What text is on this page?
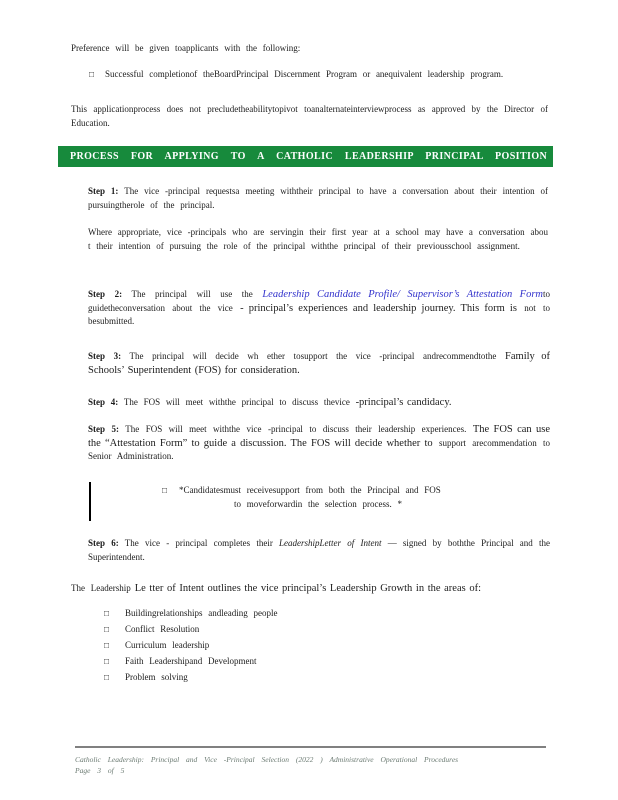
Preference will be given toapplicants with the following:

□	Successful completionof theBoardPrincipal Discernment Program or anequivalent leadership program.

This applicationprocess does not precludetheabilitytopivot toanalternateinterviewprocess as approved by the Director of Education.

PROCESS FOR APPLYING TO A CATHOLIC LEADERSHIP PRINCIPAL POSITION

Step 1: The vice -principal requestsa meeting withtheir principal to have a conversation about their intention of pursuingtherole of the principal.

Where appropriate, vice -principals who are servingin their first year at a school may have a conversation abou t their intention of pursuing the role of the principal withthe principal of their previousschool assignment.

Step 2: The principal will use the Leadership Candidate Profile/ Supervisor’s Attestation Formto guidetheconversation about the vice - principal’s experiences and leadership journey. This form is not to besubmitted.

Step 3: The principal will decide wh ether tosupport the vice -principal andrecommendtothe Family of Schools’ Superintendent (FOS) for consideration.

Step 4: The FOS will meet withthe principal to discuss thevice -principal’s candidacy.

Step 5: The FOS will meet withthe vice -principal to discuss their leadership experiences. The FOS can use the “Attestation Form” to guide a discussion. The FOS will decide whether to support arecommendation to Senior Administration.

□	*Candidatesmust receivesupport from both the Principal and FOS
to moveforwardin the selection process. *

Step 6: The vice - principal completes their LeadershipLetter of Intent — signed by boththe Principal and the Superintendent.

The Leadership Le tter of Intent outlines the vice principal’s Leadership Growth in the areas of:

□	Buildingrelationships andleading people
□	Conflict Resolution
□	Curriculum leadership
□	Faith Leadershipand Development
□	Problem solving
Catholic Leadership: Principal and Vice -Principal Selection (2022 ) Administrative Operational Procedures
Page 3 of 5
